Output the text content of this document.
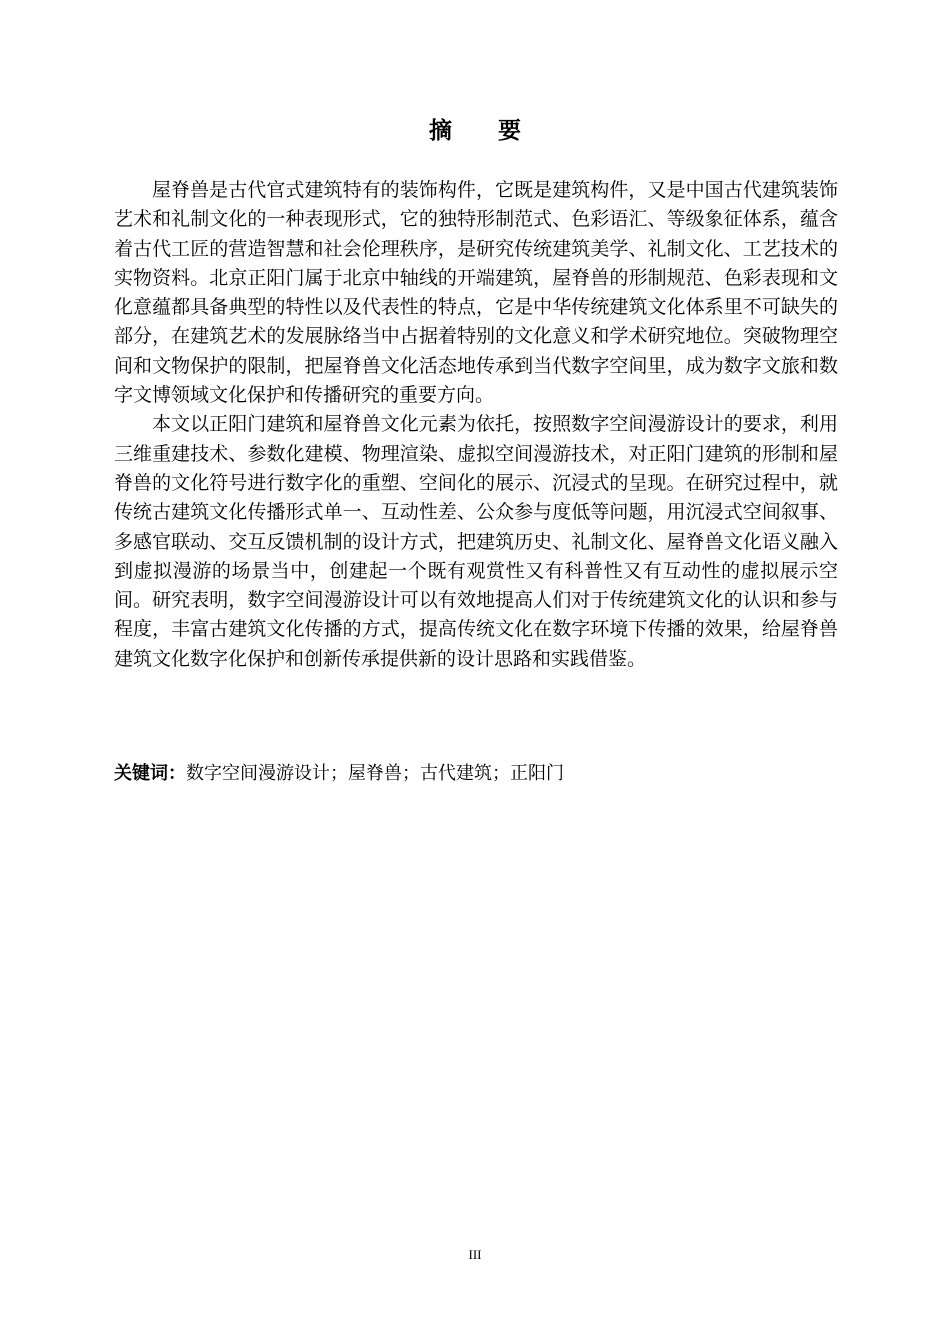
摘　　要

屋脊兽是古代官式建筑特有的装饰构件，它既是建筑构件，又是中国古代建筑装饰艺术和礼制文化的一种表现形式，它的独特形制范式、色彩语汇、等级象征体系，蕴含着古代工匠的营造智慧和社会伦理秩序，是研究传统建筑美学、礼制文化、工艺技术的实物资料。北京正阳门属于北京中轴线的开端建筑，屋脊兽的形制规范、色彩表现和文化意蕴都具备典型的特性以及代表性的特点，它是中华传统建筑文化体系里不可缺失的部分，在建筑艺术的发展脉络当中占据着特别的文化意义和学术研究地位。突破物理空间和文物保护的限制，把屋脊兽文化活态地传承到当代数字空间里，成为数字文旅和数字文博领域文化保护和传播研究的重要方向。

本文以正阳门建筑和屋脊兽文化元素为依托，按照数字空间漫游设计的要求，利用三维重建技术、参数化建模、物理渲染、虚拟空间漫游技术，对正阳门建筑的形制和屋脊兽的文化符号进行数字化的重塑、空间化的展示、沉浸式的呈现。在研究过程中，就传统古建筑文化传播形式单一、互动性差、公众参与度低等问题，用沉浸式空间叙事、多感官联动、交互反馈机制的设计方式，把建筑历史、礼制文化、屋脊兽文化语义融入到虚拟漫游的场景当中，创建起一个既有观赏性又有科普性又有互动性的虚拟展示空间。研究表明，数字空间漫游设计可以有效地提高人们对于传统建筑文化的认识和参与程度，丰富古建筑文化传播的方式，提高传统文化在数字环境下传播的效果，给屋脊兽建筑文化数字化保护和创新传承提供新的设计思路和实践借鉴。

关键词：数字空间漫游设计；屋脊兽；古代建筑；正阳门
III
